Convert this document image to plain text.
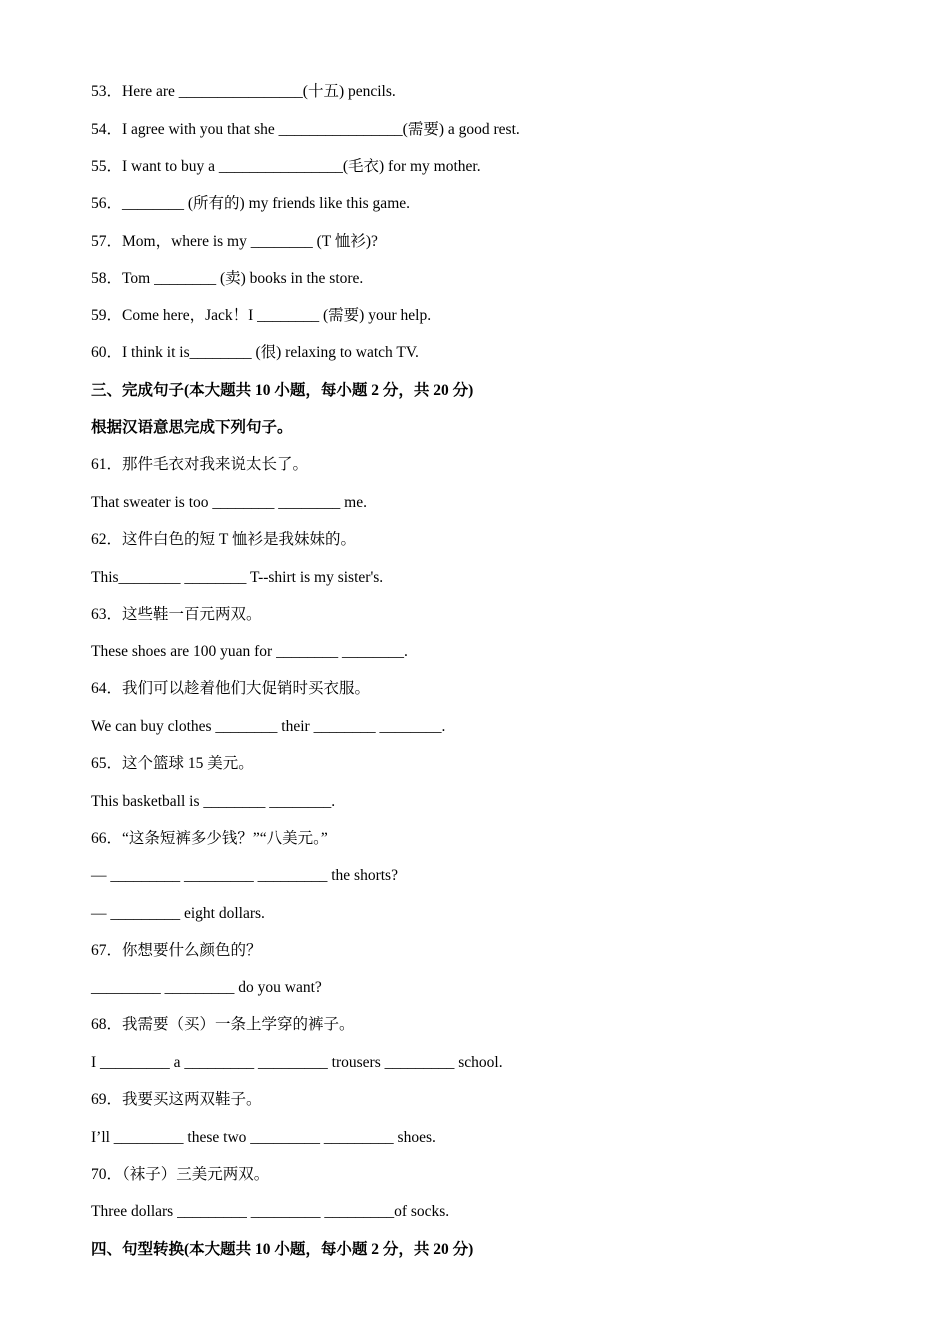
53．Here are ________________(十五) pencils.
54．I agree with you that she ________________(需要) a good rest.
55．I want to buy a ________________(毛衣) for my mother.
56．________ (所有的) my friends like this game.
57．Mom，where is my ________ (T 恤衫)?
58．Tom ________ (卖) books in the store.
59．Come here，Jack！I ________ (需要) your help.
60．I think it is________ (很) relaxing to watch TV.
三、完成句子(本大题共 10 小题，每小题 2 分，共 20 分)
根据汉语意思完成下列句子。
61．那件毛衣对我来说太长了。
That sweater is too ________ ________ me.
62．这件白色的短 T 恤衫是我妹妹的。
This________ ________ T--shirt is my sister's.
63．这些鞋一百元两双。
These shoes are 100 yuan for ________ ________.
64．我们可以趁着他们大促销时买衣服。
We can buy clothes ________ their ________ ________.
65．这个篮球 15 美元。
This basketball is ________ ________.
66．“这条短裤多少钱？”“八美元。”
— _________ _________ _________ the shorts?
— _________ eight dollars.
67．你想要什么颜色的？
_________ _________ do you want?
68．我需要（买）一条上学穿的裤子。
I _________ a _________ _________ trousers _________ school.
69．我要买这两双鞋子。
I’ll _________ these two _________ _________ shoes.
70．（袜子）三美元两双。
Three dollars _________ _________ _________of socks.
四、句型转换(本大题共 10 小题，每小题 2 分，共 20 分)
